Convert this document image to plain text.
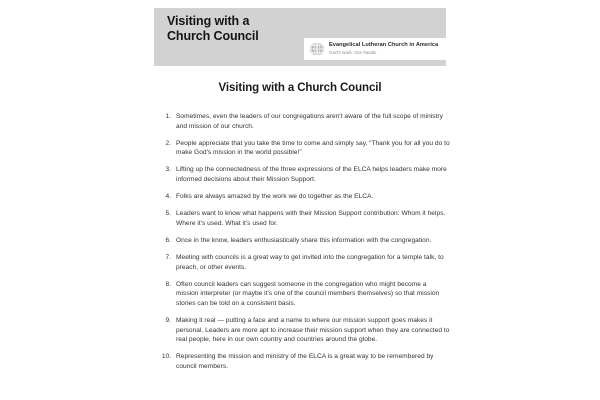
Visiting with a
Church Council
Evangelical Lutheran Church in America
God's work. Our hands.
Visiting with a Church Council
1. Sometimes, even the leaders of our congregations aren't aware of the full scope of ministry and mission of our church.
2. People appreciate that you take the time to come and simply say, “Thank you for all you do to make God's mission in the world possible!”
3. Lifting up the connectedness of the three expressions of the ELCA helps leaders make more informed decisions about their Mission Support.
4. Folks are always amazed by the work we do together as the ELCA.
5. Leaders want to know what happens with their Mission Support contribution: Whom it helps. Where it's used. What it's used for.
6. Once in the know, leaders enthusiastically share this information with the congregation.
7. Meeting with councils is a great way to get invited into the congregation for a temple talk, to preach, or other events.
8. Often council leaders can suggest someone in the congregation who might become a mission interpreter (or maybe it's one of the council members themselves) so that mission stories can be told on a consistent basis.
9. Making it real — putting a face and a name to where our mission support goes makes it personal. Leaders are more apt to increase their mission support when they are connected to real people, here in our own country and countries around the globe.
10. Representing the mission and ministry of the ELCA is a great way to be remembered by council members.
